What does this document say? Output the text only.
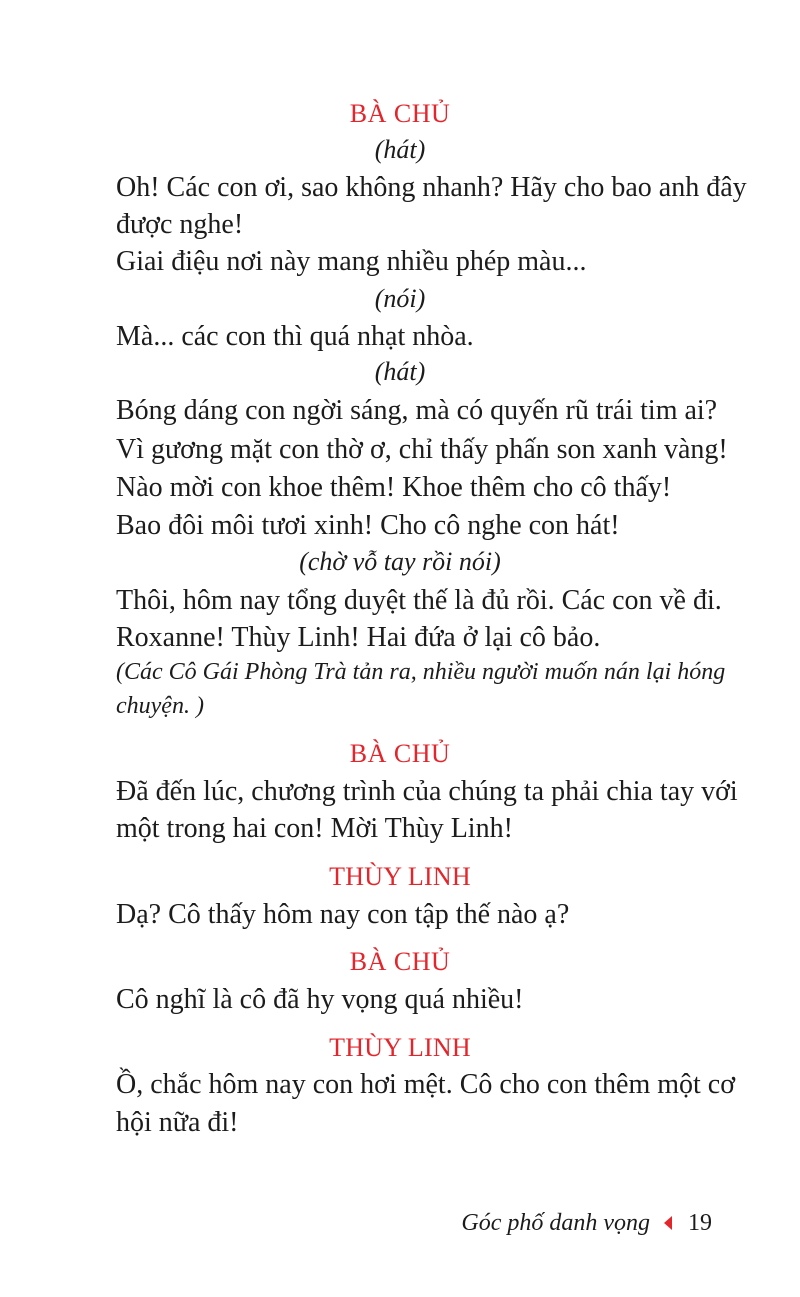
BÀ CHỦ
(hát)
Oh! Các con ơi, sao không nhanh? Hãy cho bao anh đây
được nghe!
Giai điệu nơi này mang nhiều phép màu...
(nói)
Mà... các con thì quá nhạt nhòa.
(hát)
Bóng dáng con ngời sáng, mà có quyến rũ trái tim ai?
Vì gương mặt con thờ ơ, chỉ thấy phấn son xanh vàng!
Nào mời con khoe thêm! Khoe thêm cho cô thấy!
Bao đôi môi tươi xinh! Cho cô nghe con hát!
(chờ vỗ tay rồi nói)
Thôi, hôm nay tổng duyệt thế là đủ rồi. Các con về đi.
Roxanne! Thùy Linh! Hai đứa ở lại cô bảo.
(Các Cô Gái Phòng Trà tản ra, nhiều người muốn nán lại hóng
chuyện. )
BÀ CHỦ
Đã đến lúc, chương trình của chúng ta phải chia tay với
một trong hai con! Mời Thùy Linh!
THÙY LINH
Dạ? Cô thấy hôm nay con tập thế nào ạ?
BÀ CHỦ
Cô nghĩ là cô đã hy vọng quá nhiều!
THÙY LINH
Ồ, chắc hôm nay con hơi mệt. Cô cho con thêm một cơ
hội nữa đi!
Góc phố danh vọng 19
